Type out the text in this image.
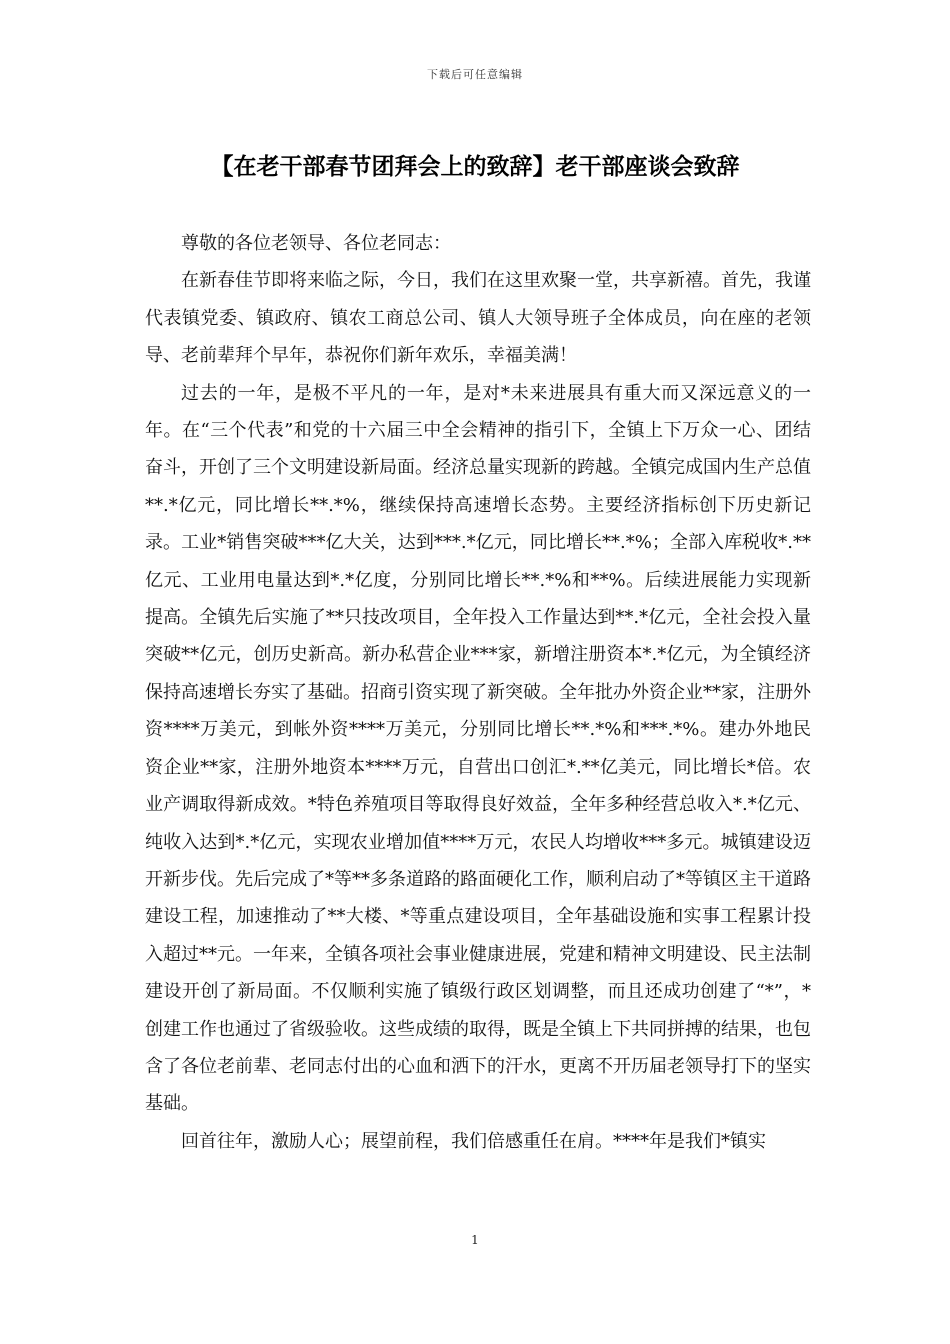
下载后可任意编辑
【在老干部春节团拜会上的致辞】老干部座谈会致辞

尊敬的各位老领导、各位老同志：

在新春佳节即将来临之际，今日，我们在这里欢聚一堂，共享新禧。首先，我谨代表镇党委、镇政府、镇农工商总公司、镇人大领导班子全体成员，向在座的老领导、老前辈拜个早年，恭祝你们新年欢乐，幸福美满！

过去的一年，是极不平凡的一年，是对*未来进展具有重大而又深远意义的一年。在“三个代表”和党的十六届三中全会精神的指引下，全镇上下万众一心、团结奋斗，开创了三个文明建设新局面。经济总量实现新的跨越。全镇完成国内生产总值**.*亿元，同比增长**.*%，继续保持高速增长态势。主要经济指标创下历史新记录。工业*销售突破***亿大关，达到***.*亿元，同比增长**.*%；全部入库税收*.**亿元、工业用电量达到*.*亿度，分别同比增长**.*%和**%。后续进展能力实现新提高。全镇先后实施了**只技改项目，全年投入工作量达到**.*亿元，全社会投入量突破**亿元，创历史新高。新办私营企业***家，新增注册资本*.*亿元，为全镇经济保持高速增长夯实了基础。招商引资实现了新突破。全年批办外资企业**家，注册外资****万美元，到帐外资****万美元，分别同比增长**.*%和***.*%。建办外地民资企业**家，注册外地资本****万元，自营出口创汇*.**亿美元，同比增长*倍。农业产调取得新成效。*特色养殖项目等取得良好效益，全年多种经营总收入*.*亿元、纯收入达到*.*亿元，实现农业增加值****万元，农民人均增收***多元。城镇建设迈开新步伐。先后完成了*等**多条道路的路面硬化工作，顺利启动了*等镇区主干道路建设工程，加速推动了**大楼、*等重点建设项目，全年基础设施和实事工程累计投入超过**元。一年来，全镇各项社会事业健康进展，党建和精神文明建设、民主法制建设开创了新局面。不仅顺利实施了镇级行政区划调整，而且还成功创建了“*”，*创建工作也通过了省级验收。这些成绩的取得，既是全镇上下共同拼搏的结果，也包含了各位老前辈、老同志付出的心血和洒下的汗水，更离不开历届老领导打下的坚实基础。

回首往年，激励人心；展望前程，我们倍感重任在肩。****年是我们*镇实

1
